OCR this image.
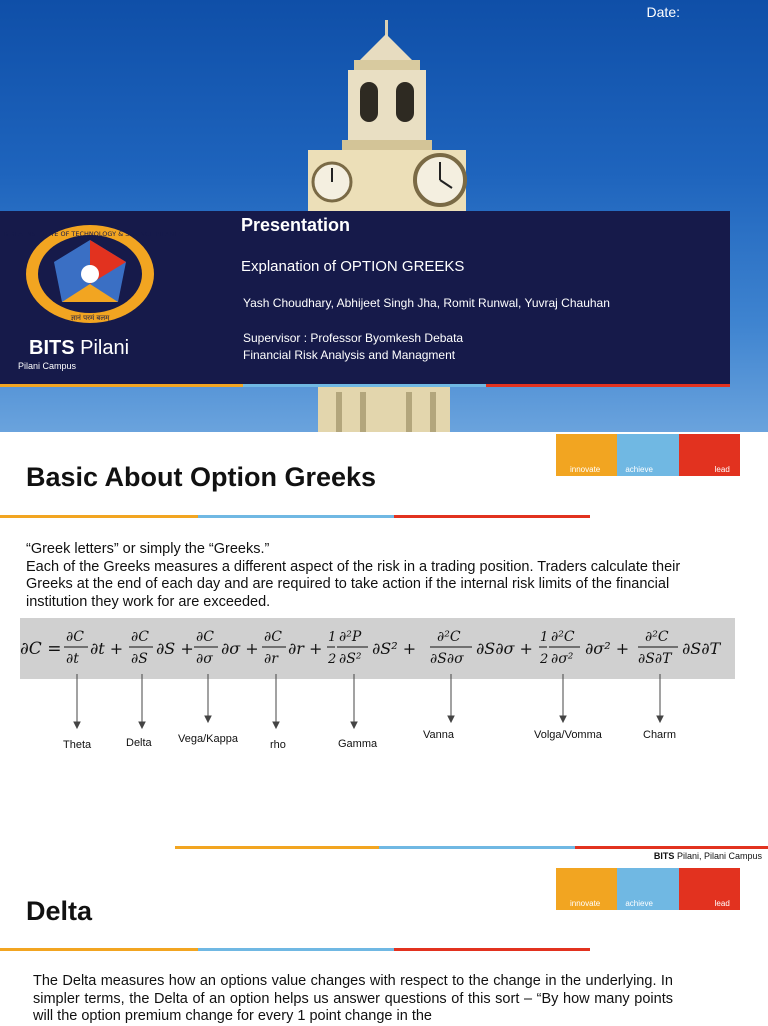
Date:
BIRLA INSTITUTE OF TECHNOLOGY & SCIENCE PILANI
ज्ञानं परमं बलम्
BITS Pilani
Pilani Campus
Presentation
Explanation of OPTION GREEKS
Yash Choudhary, Abhijeet Singh Jha, Romit Runwal, Yuvraj Chauhan
Supervisor : Professor Byomkesh Debata
Financial Risk Analysis and Managment
innovate	achieve	lead
Basic About Option Greeks
“Greek letters” or simply the “Greeks.”
Each of the Greeks measures a different aspect of the risk in a trading position. Traders calculate their Greeks at the end of each day and are required to take action if the internal risk limits of the financial institution they work for are exceeded.
∂C =
∂C
∂t
∂t +
∂C
∂S
∂S +
∂C
∂σ
∂σ +
∂C
∂r
∂r +
1
2
∂²P
∂S²
∂S² +
∂²C
∂S∂σ
∂S∂σ +
1
2
∂²C
∂σ²
∂σ² +
∂²C
∂S∂T
∂S∂T
Theta	Delta Vega/Kappa	rho	Gamma
Vanna	Volga/Vomma	Charm
BITS Pilani, Pilani Campus
innovate	achieve	lead
Delta
The Delta measures how an options value changes with respect to the change in the underlying. In simpler terms, the Delta of an option helps us answer questions of this sort – “By how many points will the option premium change for every 1 point change in the
